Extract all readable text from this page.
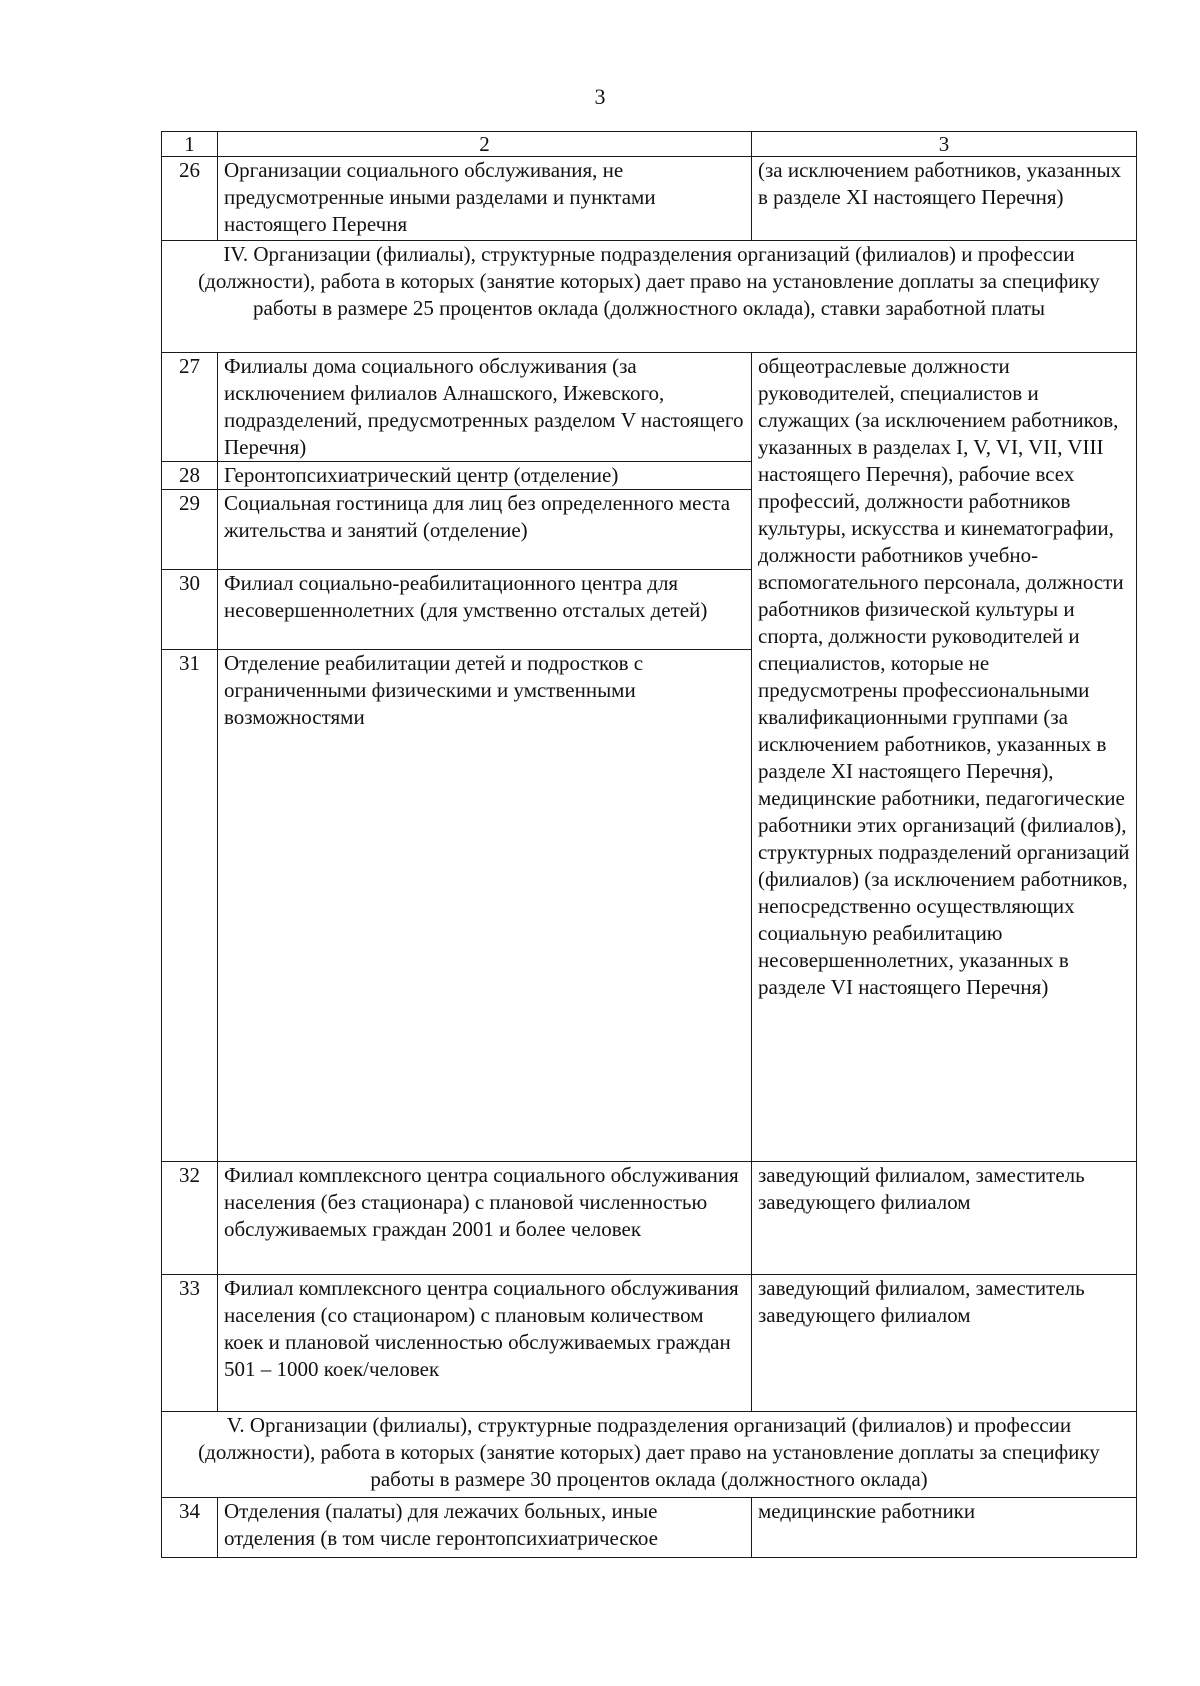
3
1	2	3
26	Организации социального обслуживания, не предусмотренные иными разделами и пунктами настоящего Перечня	(за исключением работников, указанных в разделе XI настоящего Перечня)
IV. Организации (филиалы), структурные подразделения организаций (филиалов) и профессии (должности), работа в которых (занятие которых) дает право на установление доплаты за специфику работы в размере 25 процентов оклада (должностного оклада), ставки заработной платы		
27	Филиалы дома социального обслуживания (за исключением филиалов Алнашского, Ижевского, подразделений, предусмотренных разделом V настоящего Перечня)	общеотраслевые должности руководителей, специалистов и служащих (за исключением работников, указанных в разделах I, V, VI, VII, VIII настоящего Перечня), рабочие всех профессий, должности работников культуры, искусства и кинематографии, должности работников учебно-вспомогательного персонала, должности работников физической культуры и спорта, должности руководителей и специалистов, которые не предусмотрены профессиональными квалификационными группами (за исключением работников, указанных в разделе XI настоящего Перечня), медицинские работники, педагогические работники этих организаций (филиалов), структурных подразделений организаций (филиалов) (за исключением работников, непосредственно осуществляющих социальную реабилитацию несовершеннолетних, указанных в разделе VI настоящего Перечня)
28	Геронтопсихиатрический центр (отделение)	
29	Социальная гостиница для лиц без определенного места жительства и занятий (отделение)	
30	Филиал социально-реабилитационного центра для несовершеннолетних (для умственно отсталых детей)	
31	Отделение реабилитации детей и подростков с ограниченными физическими и умственными возможностями	
32	Филиал комплексного центра социального обслуживания населения (без стационара) с плановой численностью обслуживаемых граждан 2001 и более человек	заведующий филиалом, заместитель заведующего филиалом
33	Филиал комплексного центра социального обслуживания населения (со стационаром) с плановым количеством коек и плановой численностью обслуживаемых граждан 501 – 1000 коек/человек	заведующий филиалом, заместитель заведующего филиалом
V. Организации (филиалы), структурные подразделения организаций (филиалов) и профессии (должности), работа в которых (занятие которых) дает право на установление доплаты за специфику работы в размере 30 процентов оклада (должностного оклада)		
34	Отделения (палаты) для лежачих больных, иные отделения (в том числе геронтопсихиатрическое	медицинские работники
